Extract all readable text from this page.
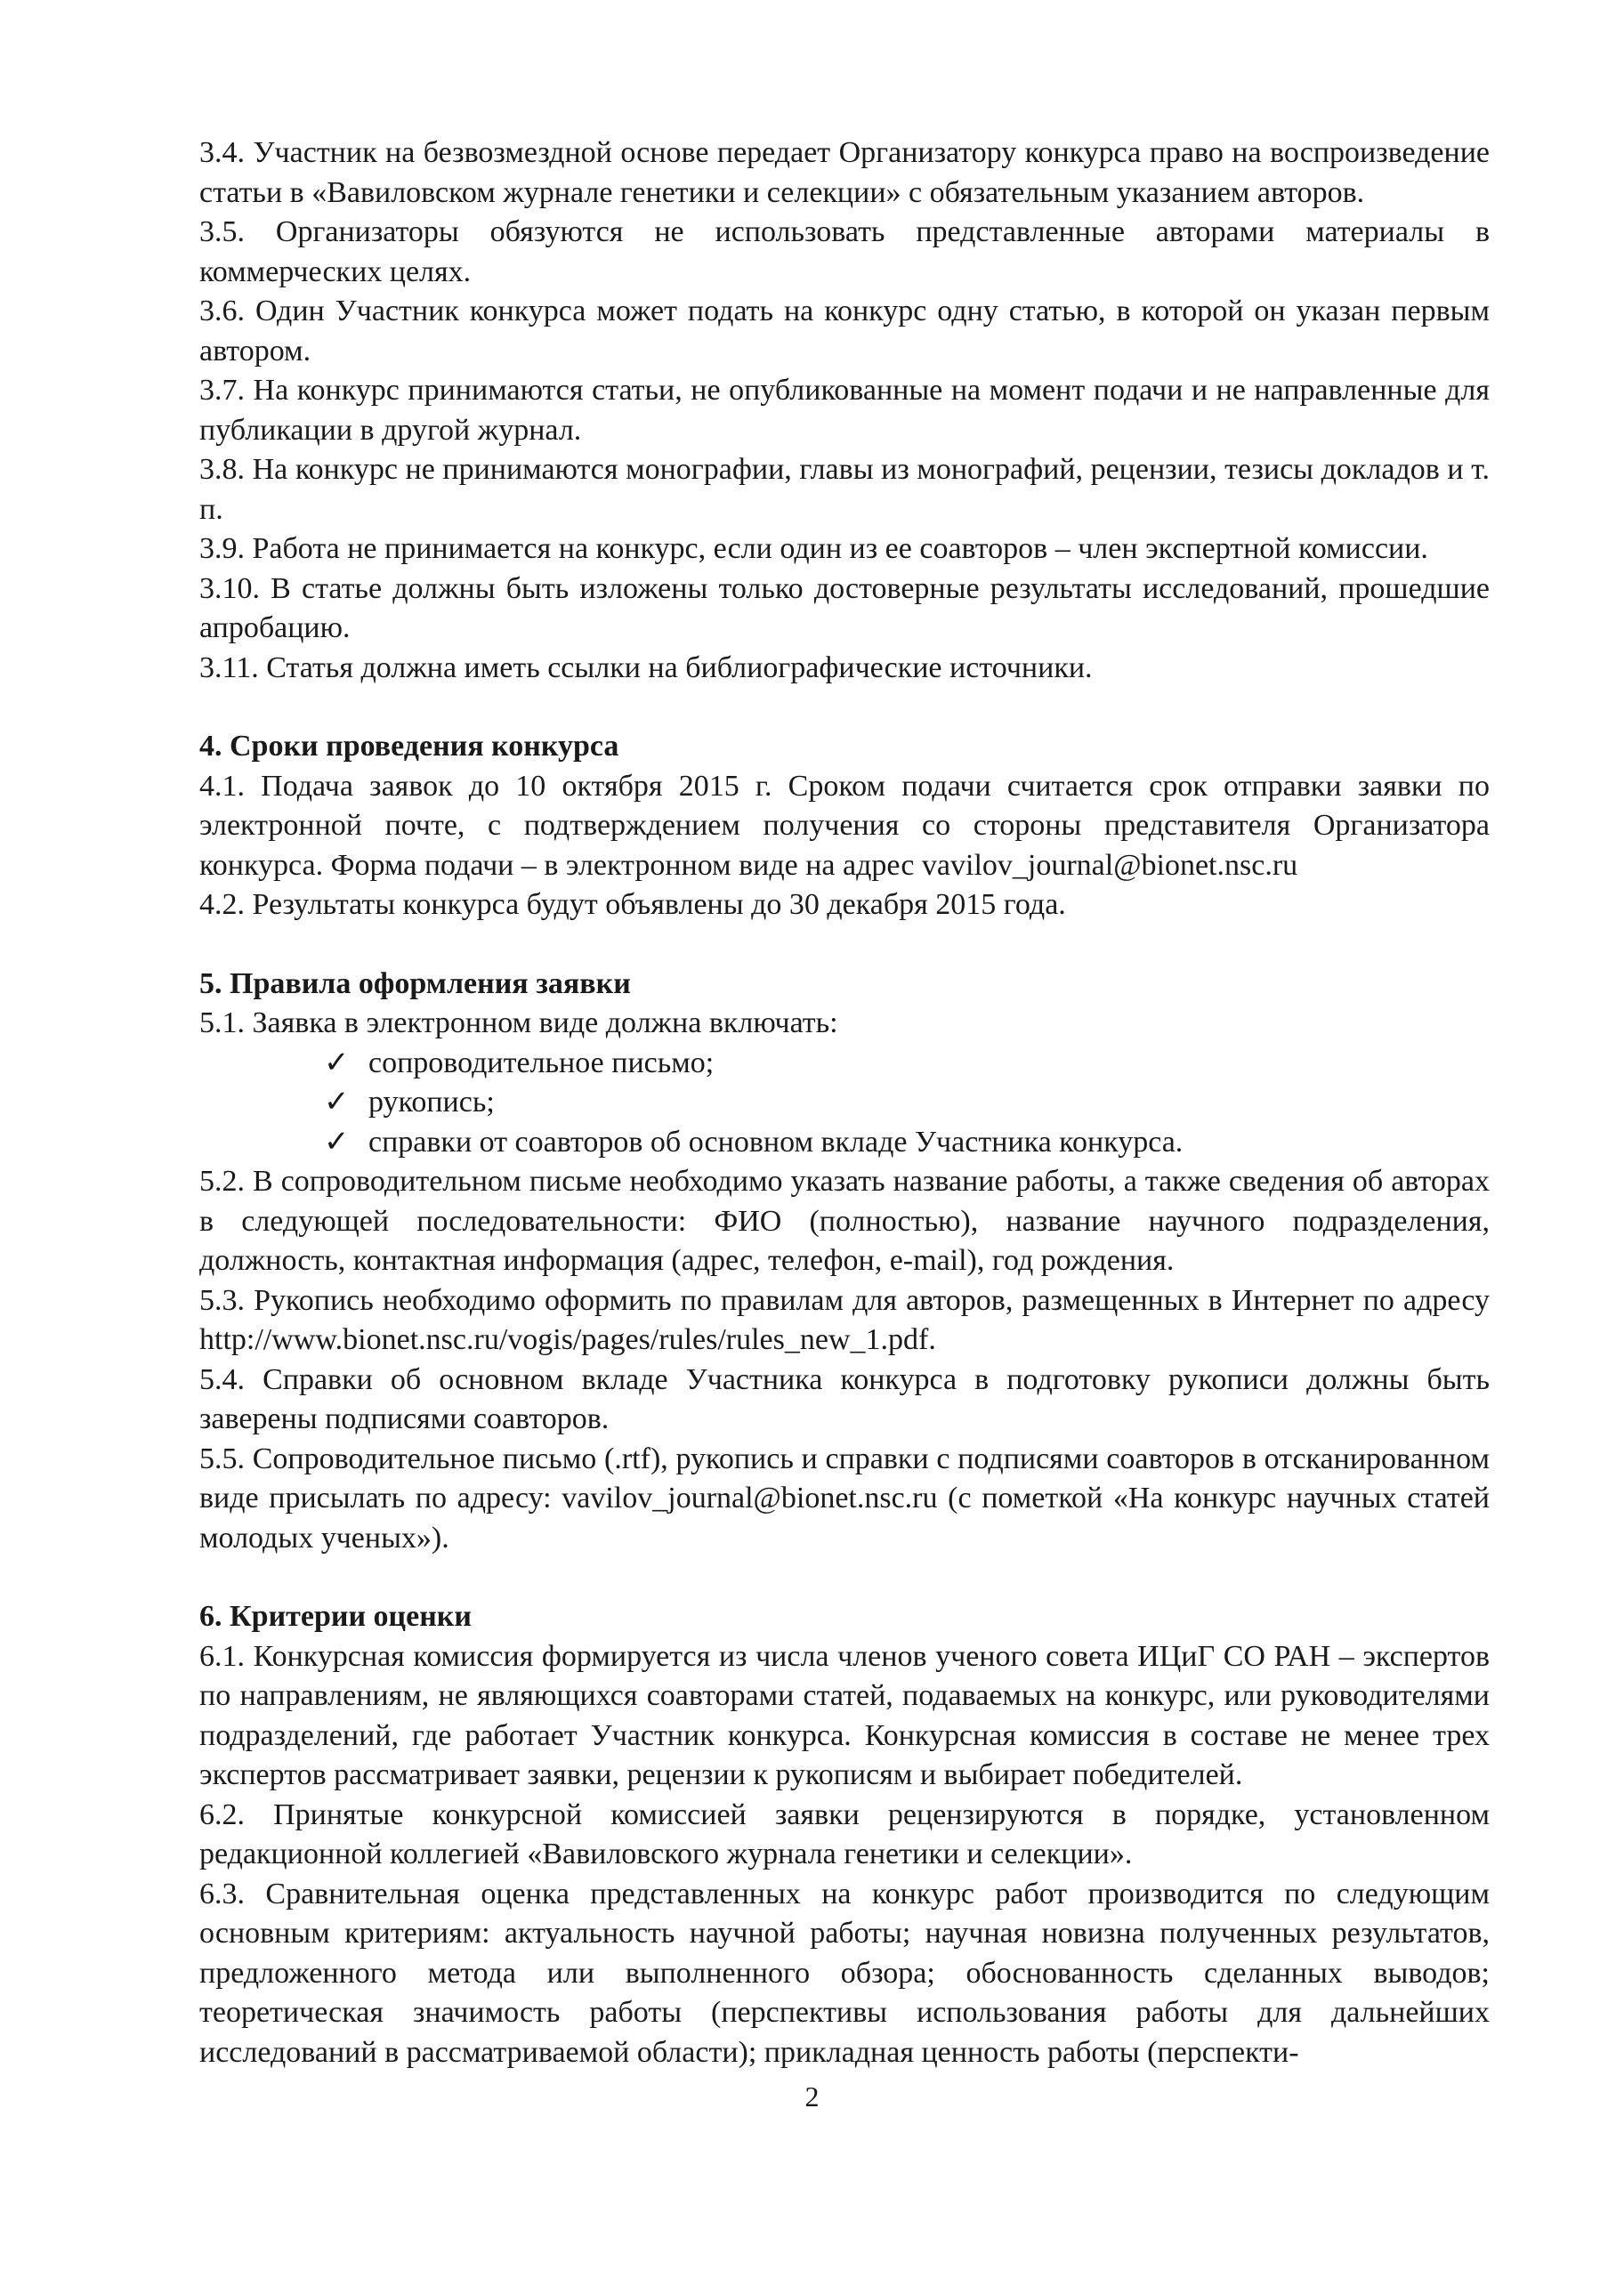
3.4. Участник на безвозмездной основе передает Организатору конкурса право на воспроизведение статьи в «Вавиловском журнале генетики и селекции» с обязательным указанием авторов.

3.5. Организаторы обязуются не использовать представленные авторами материалы в коммерческих целях.

3.6. Один Участник конкурса может подать на конкурс одну статью, в которой он указан первым автором.

3.7. На конкурс принимаются статьи, не опубликованные на момент подачи и не направленные для публикации в другой журнал.

3.8. На конкурс не принимаются монографии, главы из монографий, рецензии, тезисы докладов и т. п.

3.9. Работа не принимается на конкурс, если один из ее соавторов – член экспертной комиссии.

3.10. В статье должны быть изложены только достоверные результаты исследований, прошедшие апробацию.

3.11. Статья должна иметь ссылки на библиографические источники.

4. Сроки проведения конкурса

4.1. Подача заявок до 10 октября 2015 г. Сроком подачи считается срок отправки заявки по электронной почте, с подтверждением получения со стороны представителя Организатора конкурса. Форма подачи – в электронном виде на адрес vavilov_journal@bionet.nsc.ru

4.2. Результаты конкурса будут объявлены до 30 декабря 2015 года.

5. Правила оформления заявки

5.1. Заявка в электронном виде должна включать:

✓ сопроводительное письмо;
✓ рукопись;
✓ справки от соавторов об основном вкладе Участника конкурса.

5.2. В сопроводительном письме необходимо указать название работы, а также сведения об авторах в следующей последовательности: ФИО (полностью), название научного подразделения, должность, контактная информация (адрес, телефон, e-mail), год рождения.

5.3. Рукопись необходимо оформить по правилам для авторов, размещенных в Интернет по адресу http://www.bionet.nsc.ru/vogis/pages/rules/rules_new_1.pdf.

5.4. Справки об основном вкладе Участника конкурса в подготовку рукописи должны быть заверены подписями соавторов.

5.5. Сопроводительное письмо (.rtf), рукопись и справки с подписями соавторов в отсканированном виде присылать по адресу: vavilov_journal@bionet.nsc.ru (с пометкой «На конкурс научных статей молодых ученых»).

6. Критерии оценки

6.1. Конкурсная комиссия формируется из числа членов ученого совета ИЦиГ СО РАН – экспертов по направлениям, не являющихся соавторами статей, подаваемых на конкурс, или руководителями подразделений, где работает Участник конкурса. Конкурсная комиссия в составе не менее трех экспертов рассматривает заявки, рецензии к рукописям и выбирает победителей.

6.2. Принятые конкурсной комиссией заявки рецензируются в порядке, установленном редакционной коллегией «Вавиловского журнала генетики и селекции».

6.3. Сравнительная оценка представленных на конкурс работ производится по следующим основным критериям: актуальность научной работы; научная новизна полученных результатов, предложенного метода или выполненного обзора; обоснованность сделанных выводов; теоретическая значимость работы (перспективы использования работы для дальнейших исследований в рассматриваемой области); прикладная ценность работы (перспекти-

2
